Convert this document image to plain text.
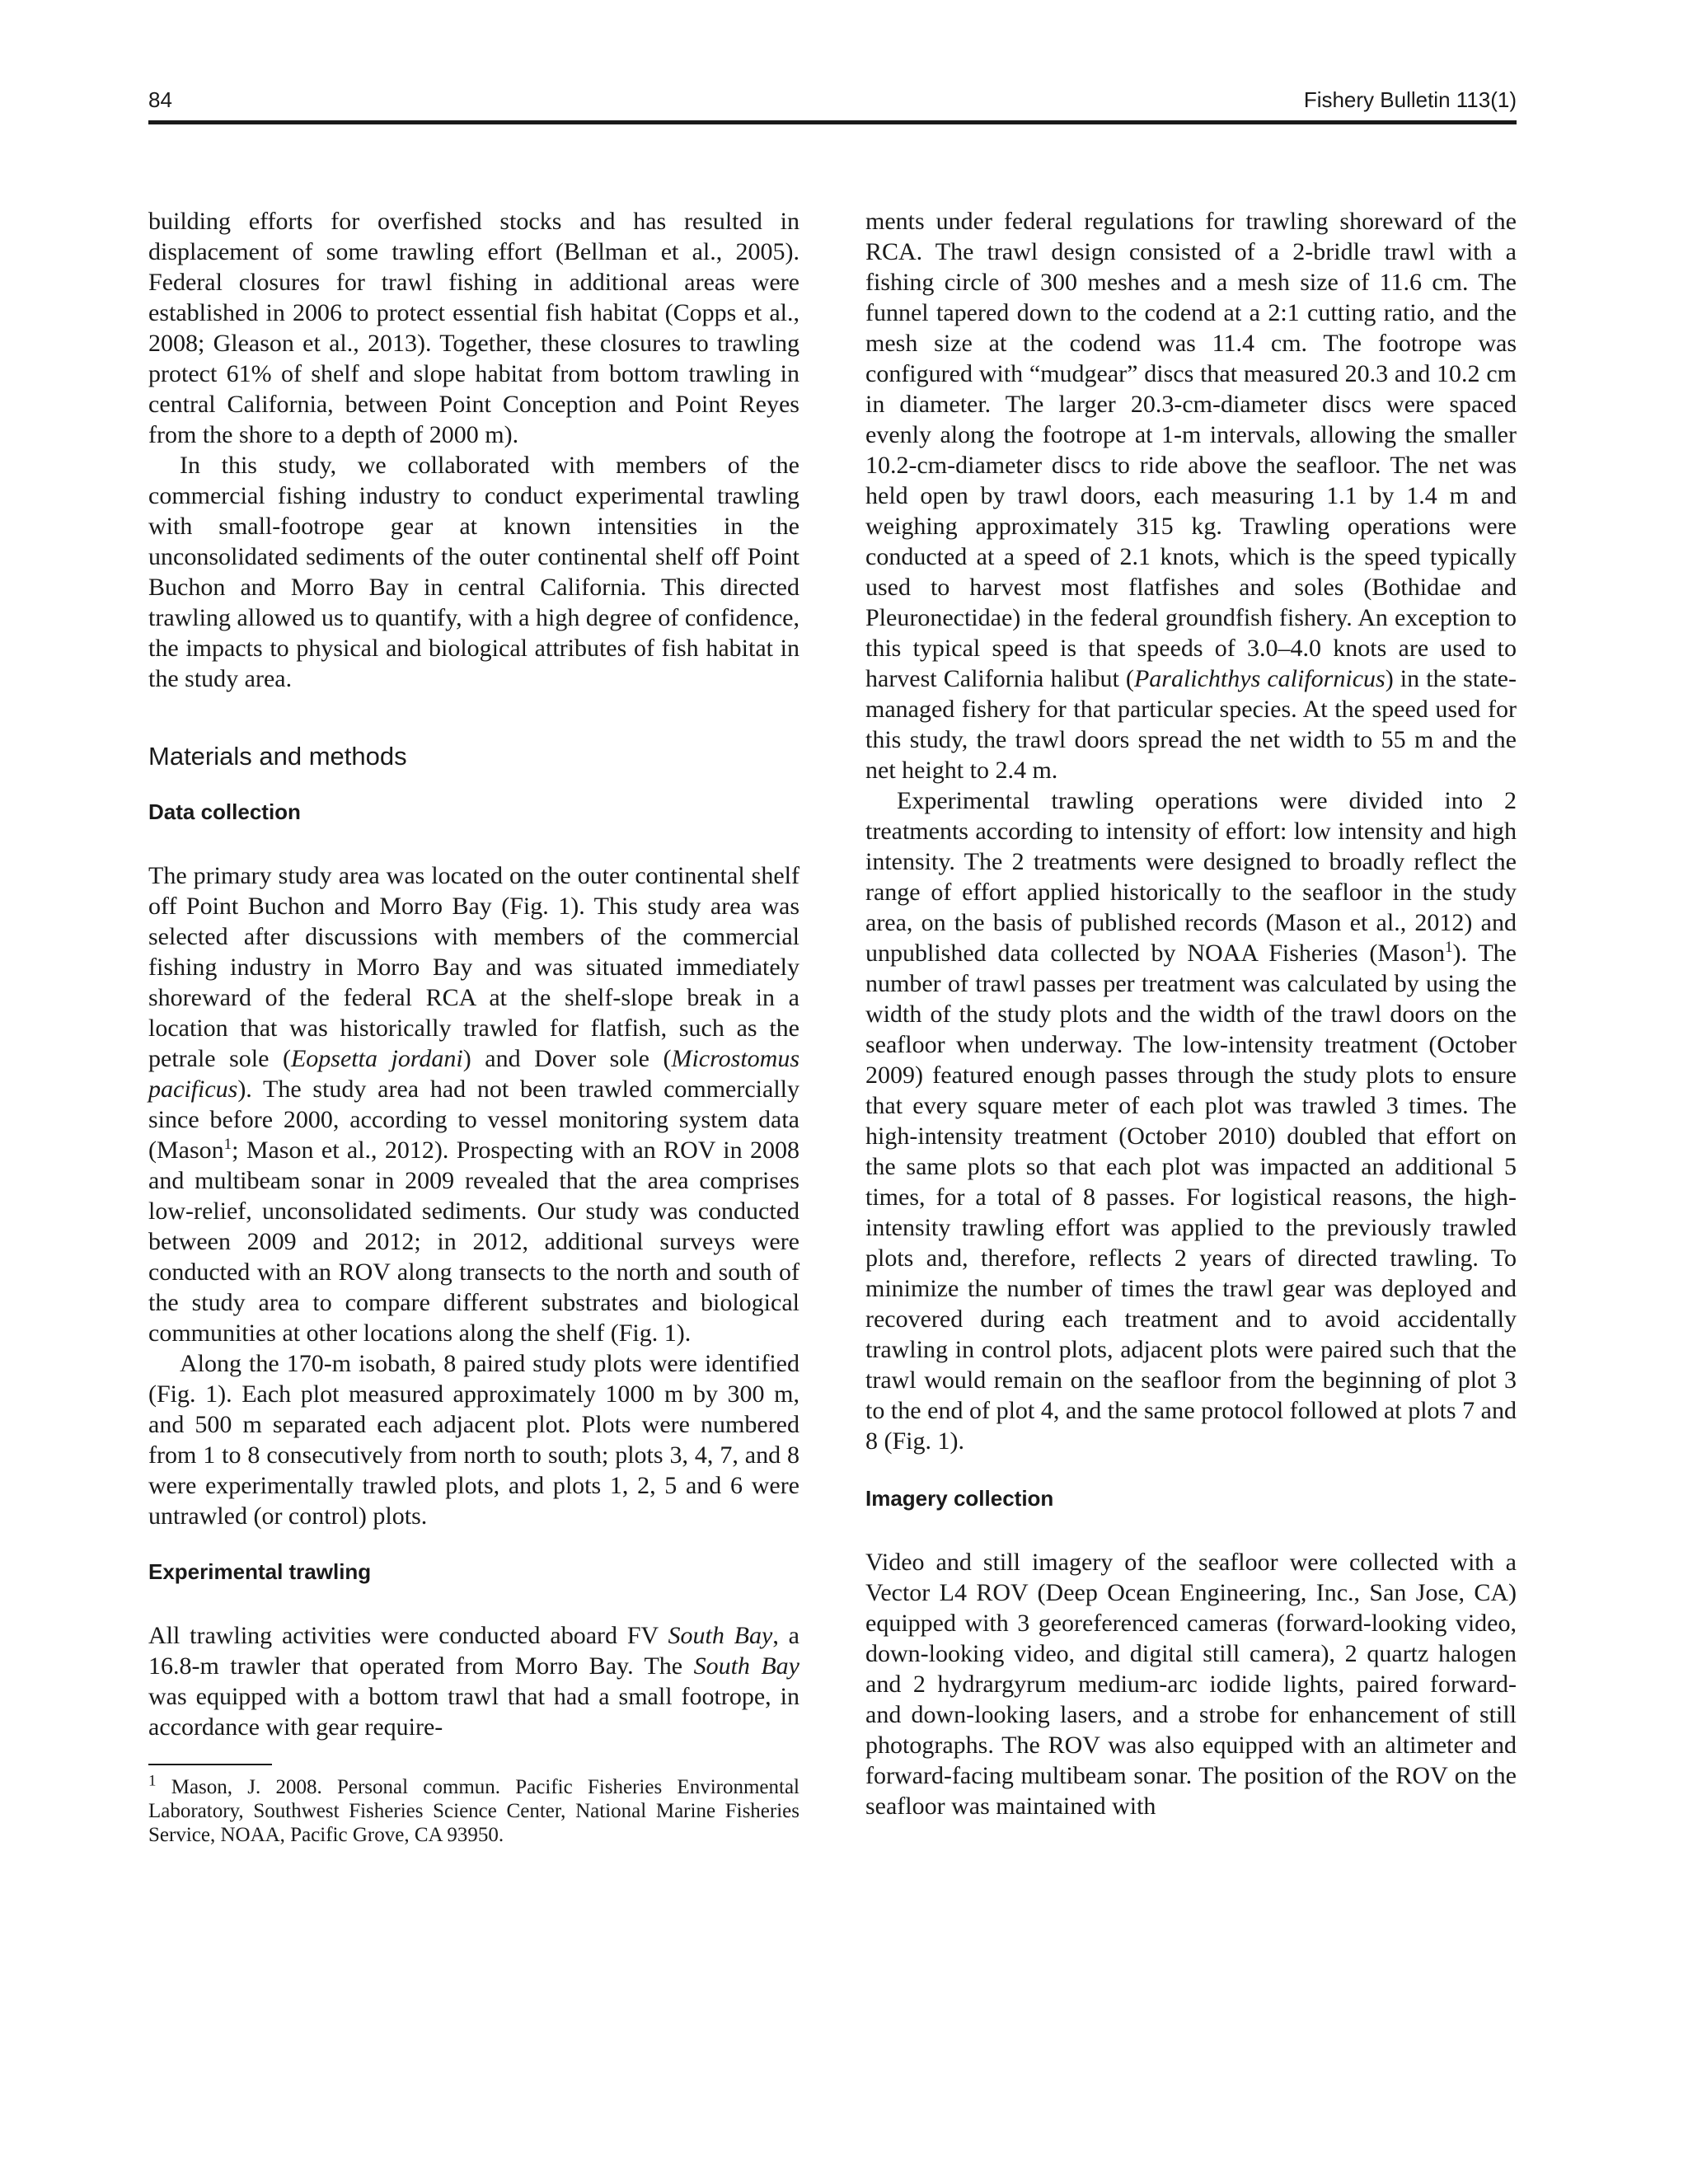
84	Fishery Bulletin 113(1)

building efforts for overfished stocks and has resulted in displacement of some trawling effort (Bellman et al., 2005). Federal closures for trawl fishing in additional areas were established in 2006 to protect essential fish habitat (Copps et al., 2008; Gleason et al., 2013). Together, these closures to trawling protect 61% of shelf and slope habitat from bottom trawling in central California, between Point Conception and Point Reyes from the shore to a depth of 2000 m).

In this study, we collaborated with members of the commercial fishing industry to conduct experimental trawling with small-footrope gear at known intensities in the unconsolidated sediments of the outer continental shelf off Point Buchon and Morro Bay in central California. This directed trawling allowed us to quantify, with a high degree of confidence, the impacts to physical and biological attributes of fish habitat in the study area.

Materials and methods
Data collection

The primary study area was located on the outer continental shelf off Point Buchon and Morro Bay (Fig. 1). This study area was selected after discussions with members of the commercial fishing industry in Morro Bay and was situated immediately shoreward of the federal RCA at the shelf-slope break in a location that was historically trawled for flatfish, such as the petrale sole (Eopsetta jordani) and Dover sole (Microstomus pacificus). The study area had not been trawled commercially since before 2000, according to vessel monitoring system data (Mason$^1$; Mason et al., 2012). Prospecting with an ROV in 2008 and multibeam sonar in 2009 revealed that the area comprises low-relief, unconsolidated sediments. Our study was conducted between 2009 and 2012; in 2012, additional surveys were conducted with an ROV along transects to the north and south of the study area to compare different substrates and biological communities at other locations along the shelf (Fig. 1).

Along the 170-m isobath, 8 paired study plots were identified (Fig. 1). Each plot measured approximately 1000 m by 300 m, and 500 m separated each adjacent plot. Plots were numbered from 1 to 8 consecutively from north to south; plots 3, 4, 7, and 8 were experimentally trawled plots, and plots 1, 2, 5 and 6 were untrawled (or control) plots.

Experimental trawling

All trawling activities were conducted aboard FV South Bay, a 16.8-m trawler that operated from Morro Bay. The South Bay was equipped with a bottom trawl that had a small footrope, in accordance with gear require-

$^1$ Mason, J. 2008. Personal commun. Pacific Fisheries Environmental Laboratory, Southwest Fisheries Science Center, National Marine Fisheries Service, NOAA, Pacific Grove, CA 93950.

ments under federal regulations for trawling shoreward of the RCA. The trawl design consisted of a 2-bridle trawl with a fishing circle of 300 meshes and a mesh size of 11.6 cm. The funnel tapered down to the codend at a 2:1 cutting ratio, and the mesh size at the codend was 11.4 cm. The footrope was configured with “mudgear” discs that measured 20.3 and 10.2 cm in diameter. The larger 20.3-cm-diameter discs were spaced evenly along the footrope at 1-m intervals, allowing the smaller 10.2-cm-diameter discs to ride above the seafloor. The net was held open by trawl doors, each measuring 1.1 by 1.4 m and weighing approximately 315 kg. Trawling operations were conducted at a speed of 2.1 knots, which is the speed typically used to harvest most flatfishes and soles (Bothidae and Pleuronectidae) in the federal groundfish fishery. An exception to this typical speed is that speeds of 3.0–4.0 knots are used to harvest California halibut (Paralichthys californicus) in the state-managed fishery for that particular species. At the speed used for this study, the trawl doors spread the net width to 55 m and the net height to 2.4 m.

Experimental trawling operations were divided into 2 treatments according to intensity of effort: low intensity and high intensity. The 2 treatments were designed to broadly reflect the range of effort applied historically to the seafloor in the study area, on the basis of published records (Mason et al., 2012) and unpublished data collected by NOAA Fisheries (Mason$^1$). The number of trawl passes per treatment was calculated by using the width of the study plots and the width of the trawl doors on the seafloor when underway. The low-intensity treatment (October 2009) featured enough passes through the study plots to ensure that every square meter of each plot was trawled 3 times. The high-intensity treatment (October 2010) doubled that effort on the same plots so that each plot was impacted an additional 5 times, for a total of 8 passes. For logistical reasons, the high-intensity trawling effort was applied to the previously trawled plots and, therefore, reflects 2 years of directed trawling. To minimize the number of times the trawl gear was deployed and recovered during each treatment and to avoid accidentally trawling in control plots, adjacent plots were paired such that the trawl would remain on the seafloor from the beginning of plot 3 to the end of plot 4, and the same protocol followed at plots 7 and 8 (Fig. 1).

Imagery collection

Video and still imagery of the seafloor were collected with a Vector L4 ROV (Deep Ocean Engineering, Inc., San Jose, CA) equipped with 3 georeferenced cameras (forward-looking video, down-looking video, and digital still camera), 2 quartz halogen and 2 hydrargyrum medium-arc iodide lights, paired forward- and down-looking lasers, and a strobe for enhancement of still photographs. The ROV was also equipped with an altimeter and forward-facing multibeam sonar. The position of the ROV on the seafloor was maintained with
